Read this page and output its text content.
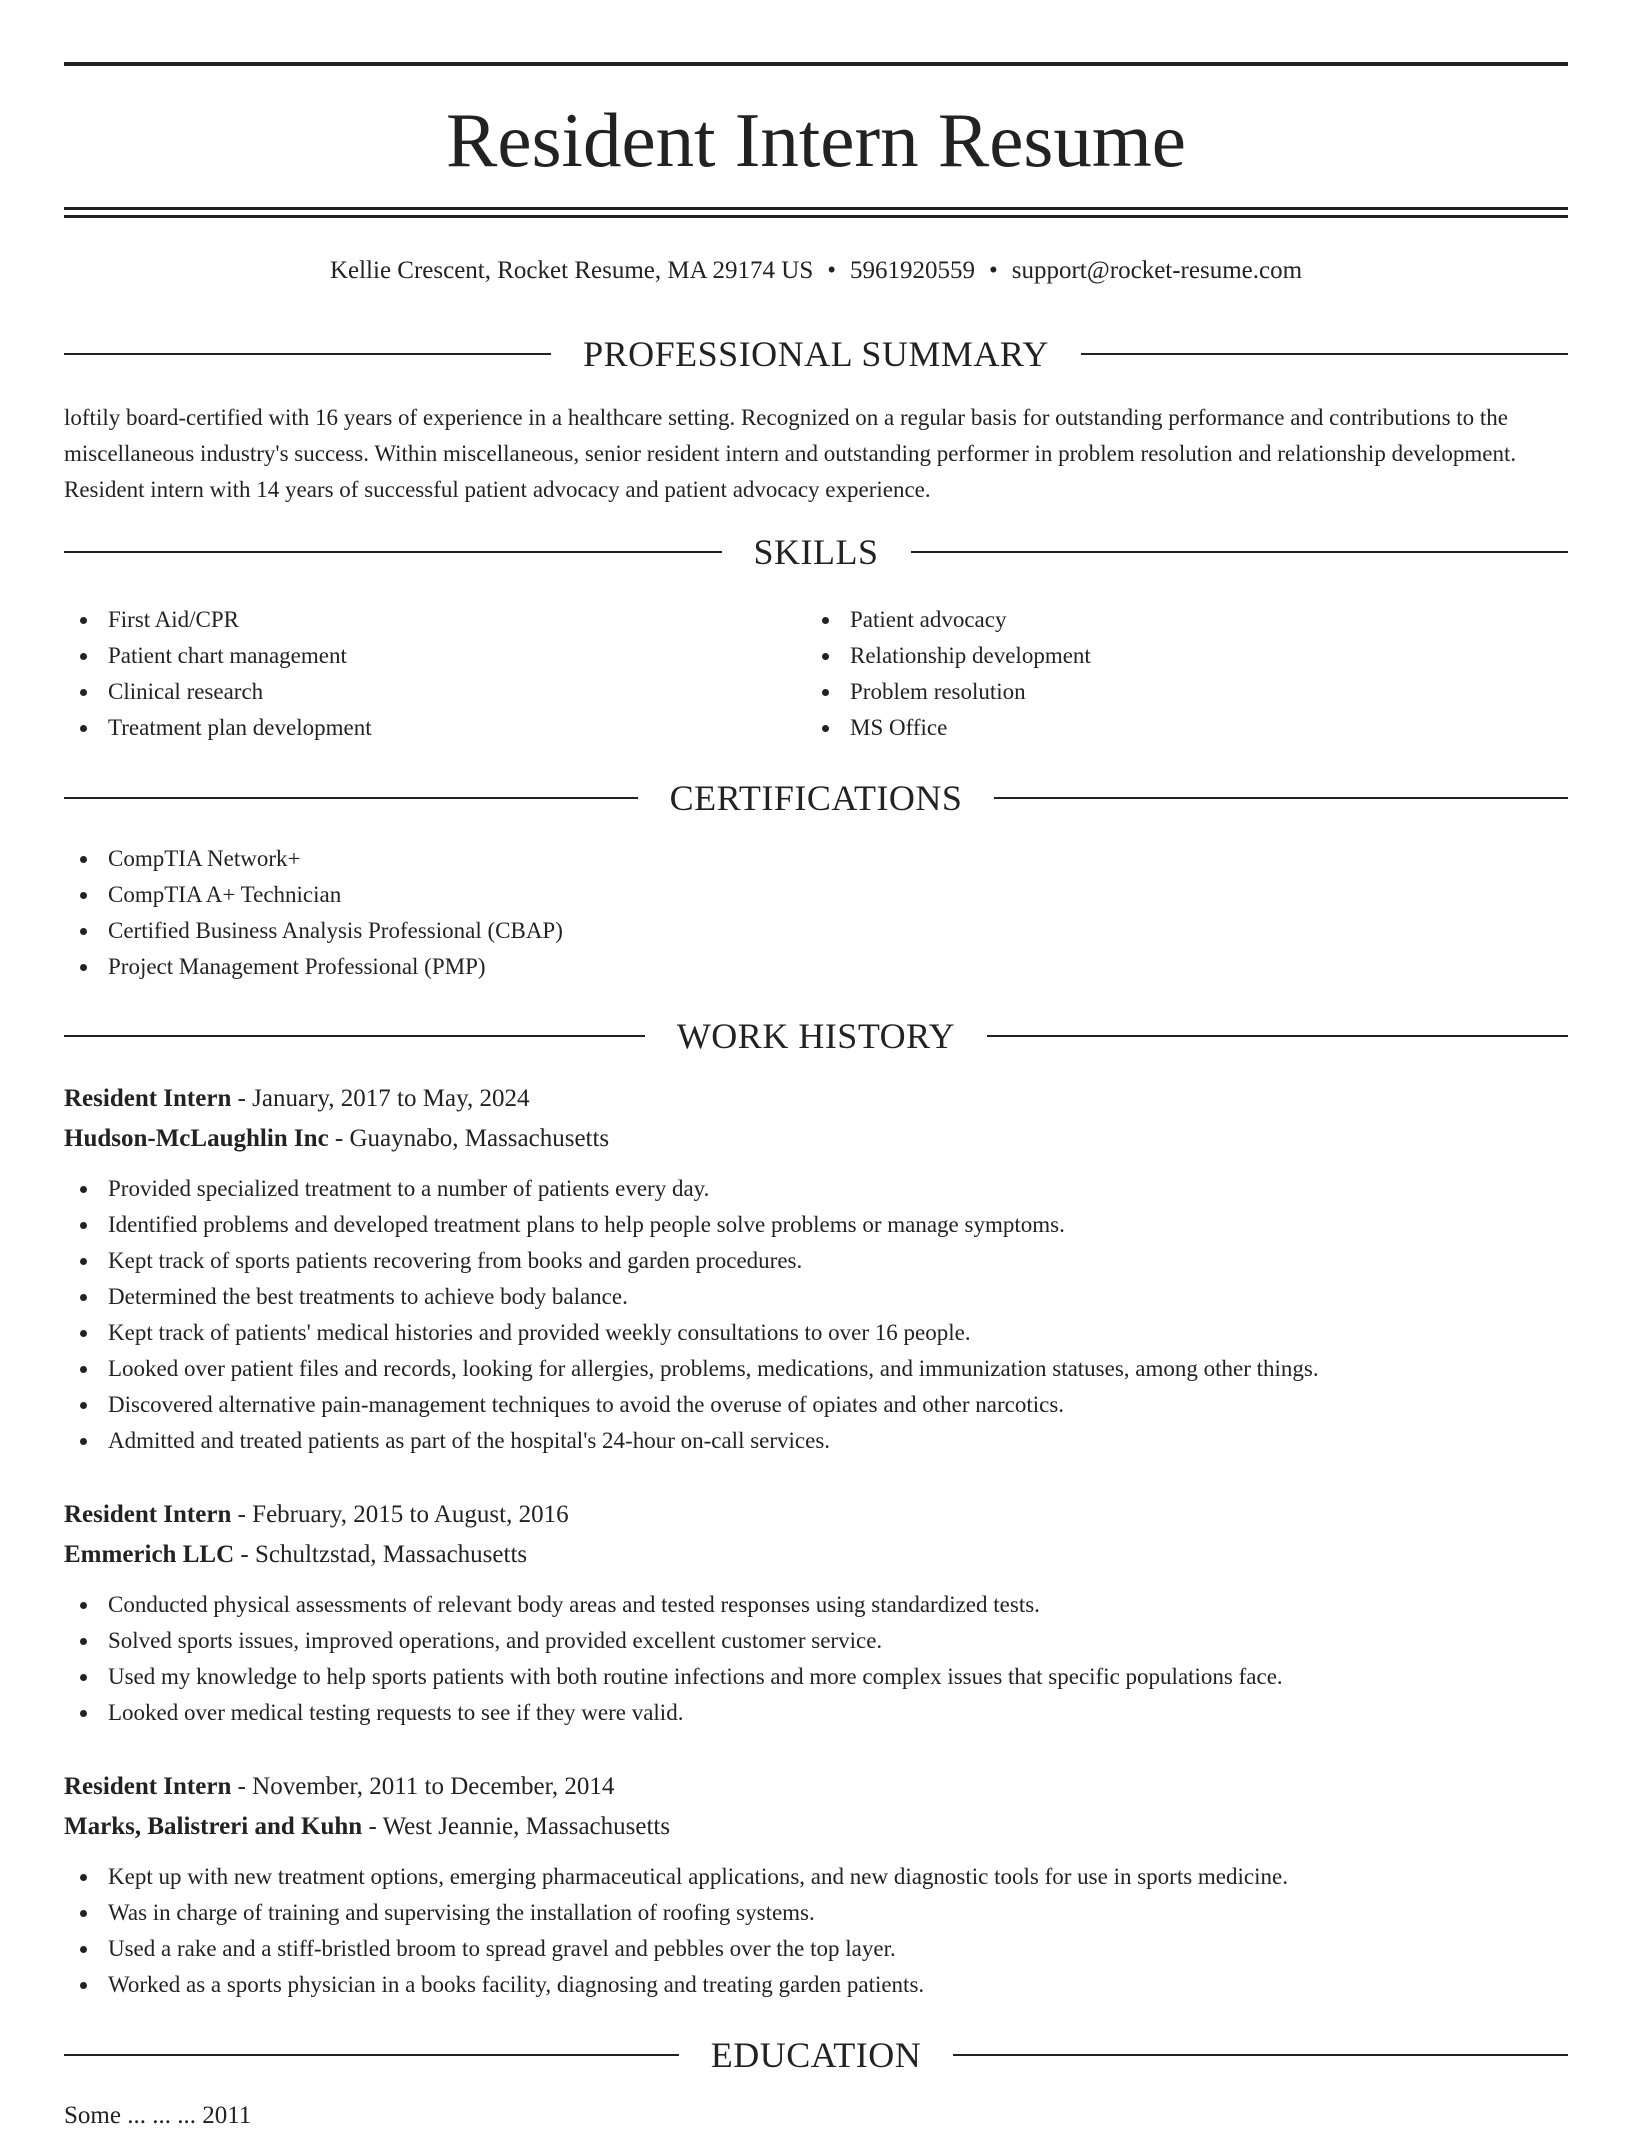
Resident Intern Resume
Kellie Crescent, Rocket Resume, MA 29174 US • 5961920559 • support@rocket-resume.com
PROFESSIONAL SUMMARY

loftily board-certified with 16 years of experience in a healthcare setting. Recognized on a regular basis for outstanding performance and contributions to the miscellaneous industry's success. Within miscellaneous, senior resident intern and outstanding performer in problem resolution and relationship development. Resident intern with 14 years of successful patient advocacy and patient advocacy experience.

SKILLS
First Aid/CPR
Patient chart management
Clinical research
Treatment plan development
Patient advocacy
Relationship development
Problem resolution
MS Office
CERTIFICATIONS
CompTIA Network+
CompTIA A+ Technician
Certified Business Analysis Professional (CBAP)
Project Management Professional (PMP)
WORK HISTORY
Resident Intern - January, 2017 to May, 2024
Hudson-McLaughlin Inc - Guaynabo, Massachusetts
Provided specialized treatment to a number of patients every day.
Identified problems and developed treatment plans to help people solve problems or manage symptoms.
Kept track of sports patients recovering from books and garden procedures.
Determined the best treatments to achieve body balance.
Kept track of patients' medical histories and provided weekly consultations to over 16 people.
Looked over patient files and records, looking for allergies, problems, medications, and immunization statuses, among other things.
Discovered alternative pain-management techniques to avoid the overuse of opiates and other narcotics.
Admitted and treated patients as part of the hospital's 24-hour on-call services.
Resident Intern - February, 2015 to August, 2016
Emmerich LLC - Schultzstad, Massachusetts
Conducted physical assessments of relevant body areas and tested responses using standardized tests.
Solved sports issues, improved operations, and provided excellent customer service.
Used my knowledge to help sports patients with both routine infections and more complex issues that specific populations face.
Looked over medical testing requests to see if they were valid.
Resident Intern - November, 2011 to December, 2014
Marks, Balistreri and Kuhn - West Jeannie, Massachusetts
Kept up with new treatment options, emerging pharmaceutical applications, and new diagnostic tools for use in sports medicine.
Was in charge of training and supervising the installation of roofing systems.
Used a rake and a stiff-bristled broom to spread gravel and pebbles over the top layer.
Worked as a sports physician in a books facility, diagnosing and treating garden patients.
EDUCATION
Some ... ... ... 2011
